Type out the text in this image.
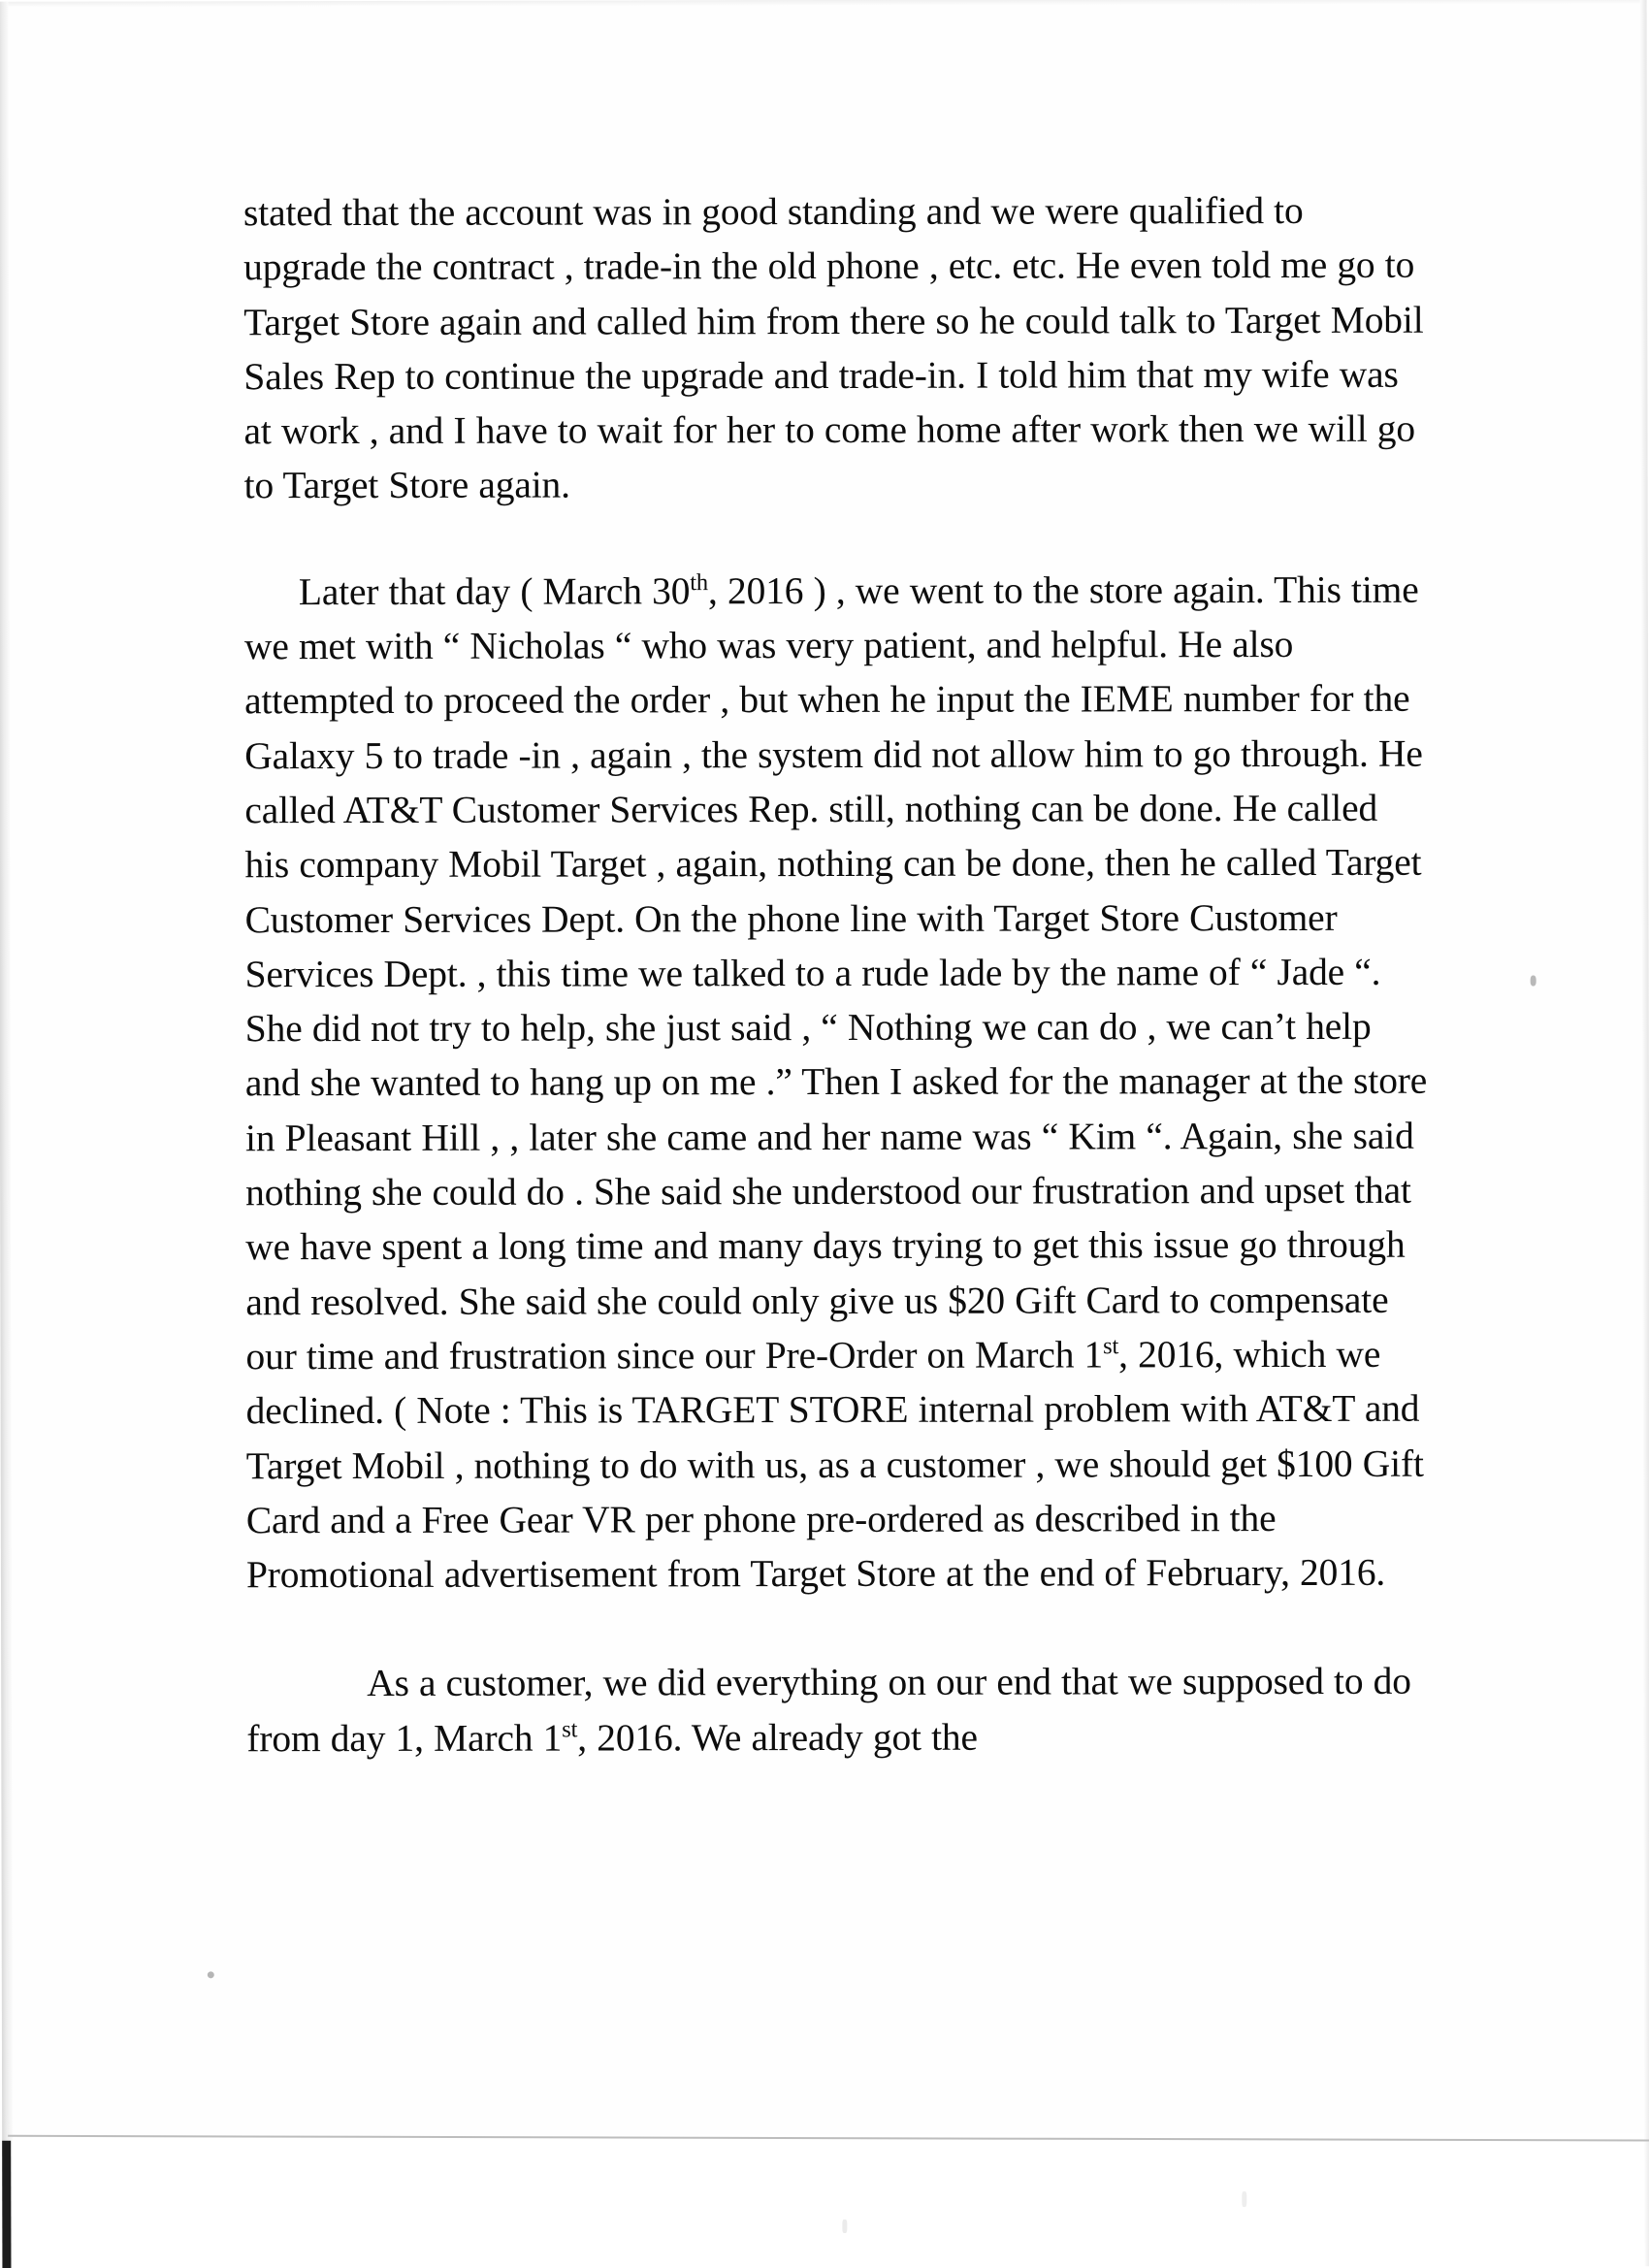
stated that the account was in good standing and we were qualified to upgrade the contract , trade-in the old phone , etc. etc. He even told me go to Target Store again and called him from there so he could talk to Target Mobil Sales Rep to continue the upgrade and trade-in. I told him that my wife was at work , and I have to wait for her to come home after work then we will go to Target Store again.

Later that day ( March 30th, 2016 ) , we went to the store again. This time we met with “ Nicholas “ who was very patient, and helpful. He also attempted to proceed the order , but when he input the IEME number for the Galaxy 5 to trade -in , again , the system did not allow him to go through. He called AT&T Customer Services Rep. still, nothing can be done. He called his company Mobil Target , again, nothing can be done, then he called Target Customer Services Dept. On the phone line with Target Store Customer Services Dept. , this time we talked to a rude lade by the name of “ Jade “. She did not try to help, she just said , “ Nothing we can do , we can’t help and she wanted to hang up on me .” Then I asked for the manager at the store in Pleasant Hill , , later she came and her name was “ Kim “. Again, she said nothing she could do . She said she understood our frustration and upset that we have spent a long time and many days trying to get this issue go through and resolved. She said she could only give us $20 Gift Card to compensate our time and frustration since our Pre-Order on March 1st, 2016, which we declined. ( Note : This is TARGET STORE internal problem with AT&T and Target Mobil , nothing to do with us, as a customer , we should get $100 Gift Card and a Free Gear VR per phone pre-ordered as described in the Promotional advertisement from Target Store at the end of February, 2016.

As a customer, we did everything on our end that we supposed to do from day 1, March 1st, 2016. We already got the
